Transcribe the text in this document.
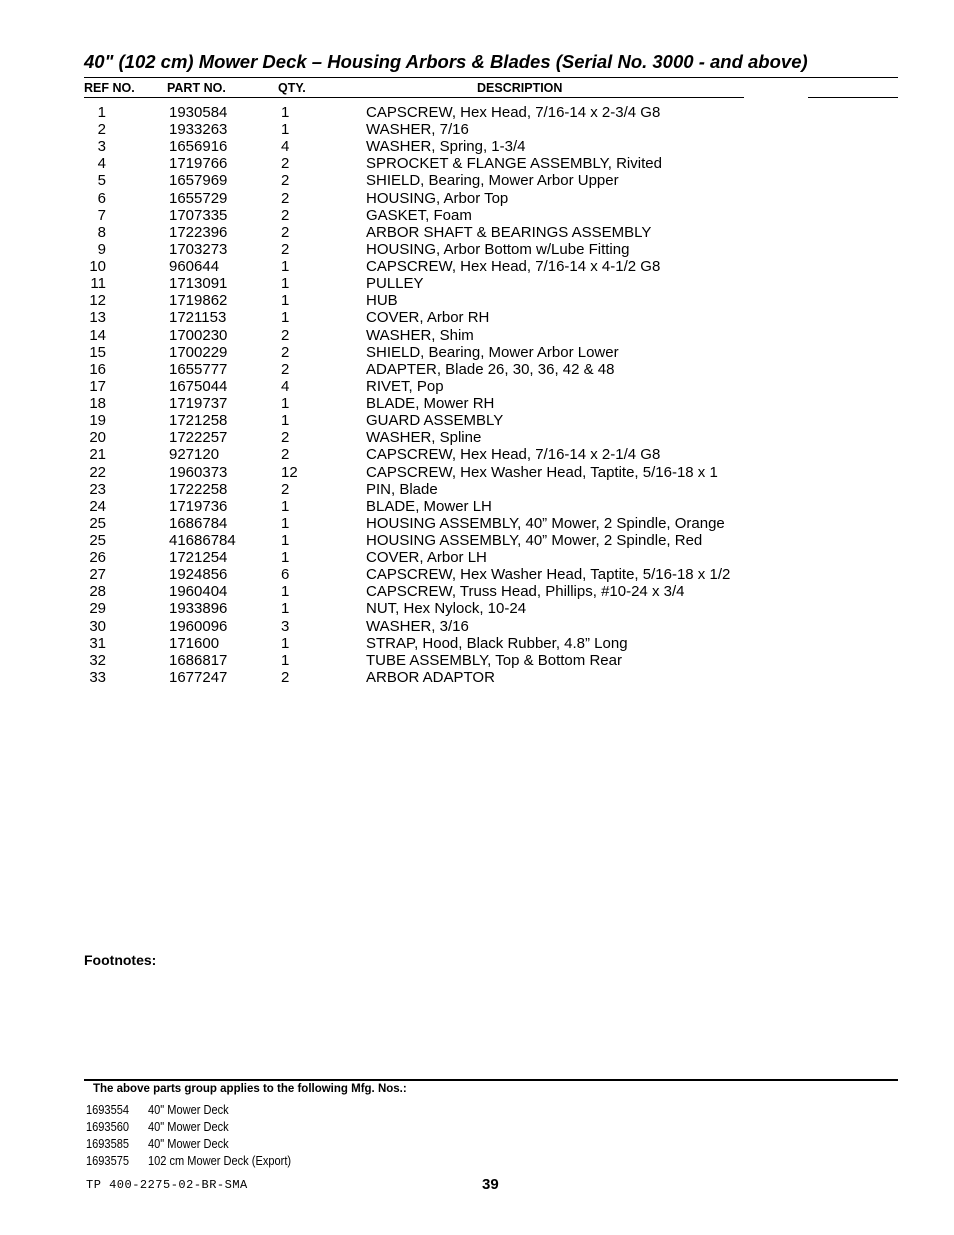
40" (102 cm) Mower Deck – Housing Arbors & Blades (Serial No. 3000 - and above)
REF NO.	PART NO.	QTY.	DESCRIPTION
1	1930584	1	CAPSCREW, Hex Head, 7/16-14 x 2-3/4 G8
2	1933263	1	WASHER, 7/16
3	1656916	4	WASHER, Spring, 1-3/4
4	1719766	2	SPROCKET & FLANGE ASSEMBLY, Rivited
5	1657969	2	SHIELD, Bearing, Mower Arbor Upper
6	1655729	2	HOUSING, Arbor Top
7	1707335	2	GASKET, Foam
8	1722396	2	ARBOR SHAFT & BEARINGS ASSEMBLY
9	1703273	2	HOUSING, Arbor Bottom w/Lube Fitting
10	960644	1	CAPSCREW, Hex Head, 7/16-14 x 4-1/2 G8
11	1713091	1	PULLEY
12	1719862	1	HUB
13	1721153	1	COVER, Arbor RH
14	1700230	2	WASHER, Shim
15	1700229	2	SHIELD, Bearing, Mower Arbor Lower
16	1655777	2	ADAPTER, Blade 26, 30, 36, 42 & 48
17	1675044	4	RIVET, Pop
18	1719737	1	BLADE, Mower RH
19	1721258	1	GUARD ASSEMBLY
20	1722257	2	WASHER, Spline
21	927120	2	CAPSCREW, Hex Head, 7/16-14 x 2-1/4 G8
22	1960373	12	CAPSCREW, Hex Washer Head, Taptite, 5/16-18 x 1
23	1722258	2	PIN, Blade
24	1719736	1	BLADE, Mower LH
25	1686784	1	HOUSING ASSEMBLY, 40” Mower, 2 Spindle, Orange
25	41686784	1	HOUSING ASSEMBLY, 40” Mower, 2 Spindle, Red
26	1721254	1	COVER, Arbor LH
27	1924856	6	CAPSCREW, Hex Washer Head, Taptite, 5/16-18 x 1/2
28	1960404	1	CAPSCREW, Truss Head, Phillips, #10-24 x 3/4
29	1933896	1	NUT, Hex Nylock, 10-24
30	1960096	3	WASHER, 3/16
31	171600	1	STRAP, Hood, Black Rubber, 4.8” Long
32	1686817	1	TUBE ASSEMBLY, Top & Bottom Rear
33	1677247	2	ARBOR ADAPTOR
Footnotes:
The above parts group applies to the following Mfg. Nos.:
1693554 40" Mower Deck
1693560 40" Mower Deck
1693585 40" Mower Deck
1693575 102 cm Mower Deck (Export)
TP 400-2275-02-BR-SMA	39
